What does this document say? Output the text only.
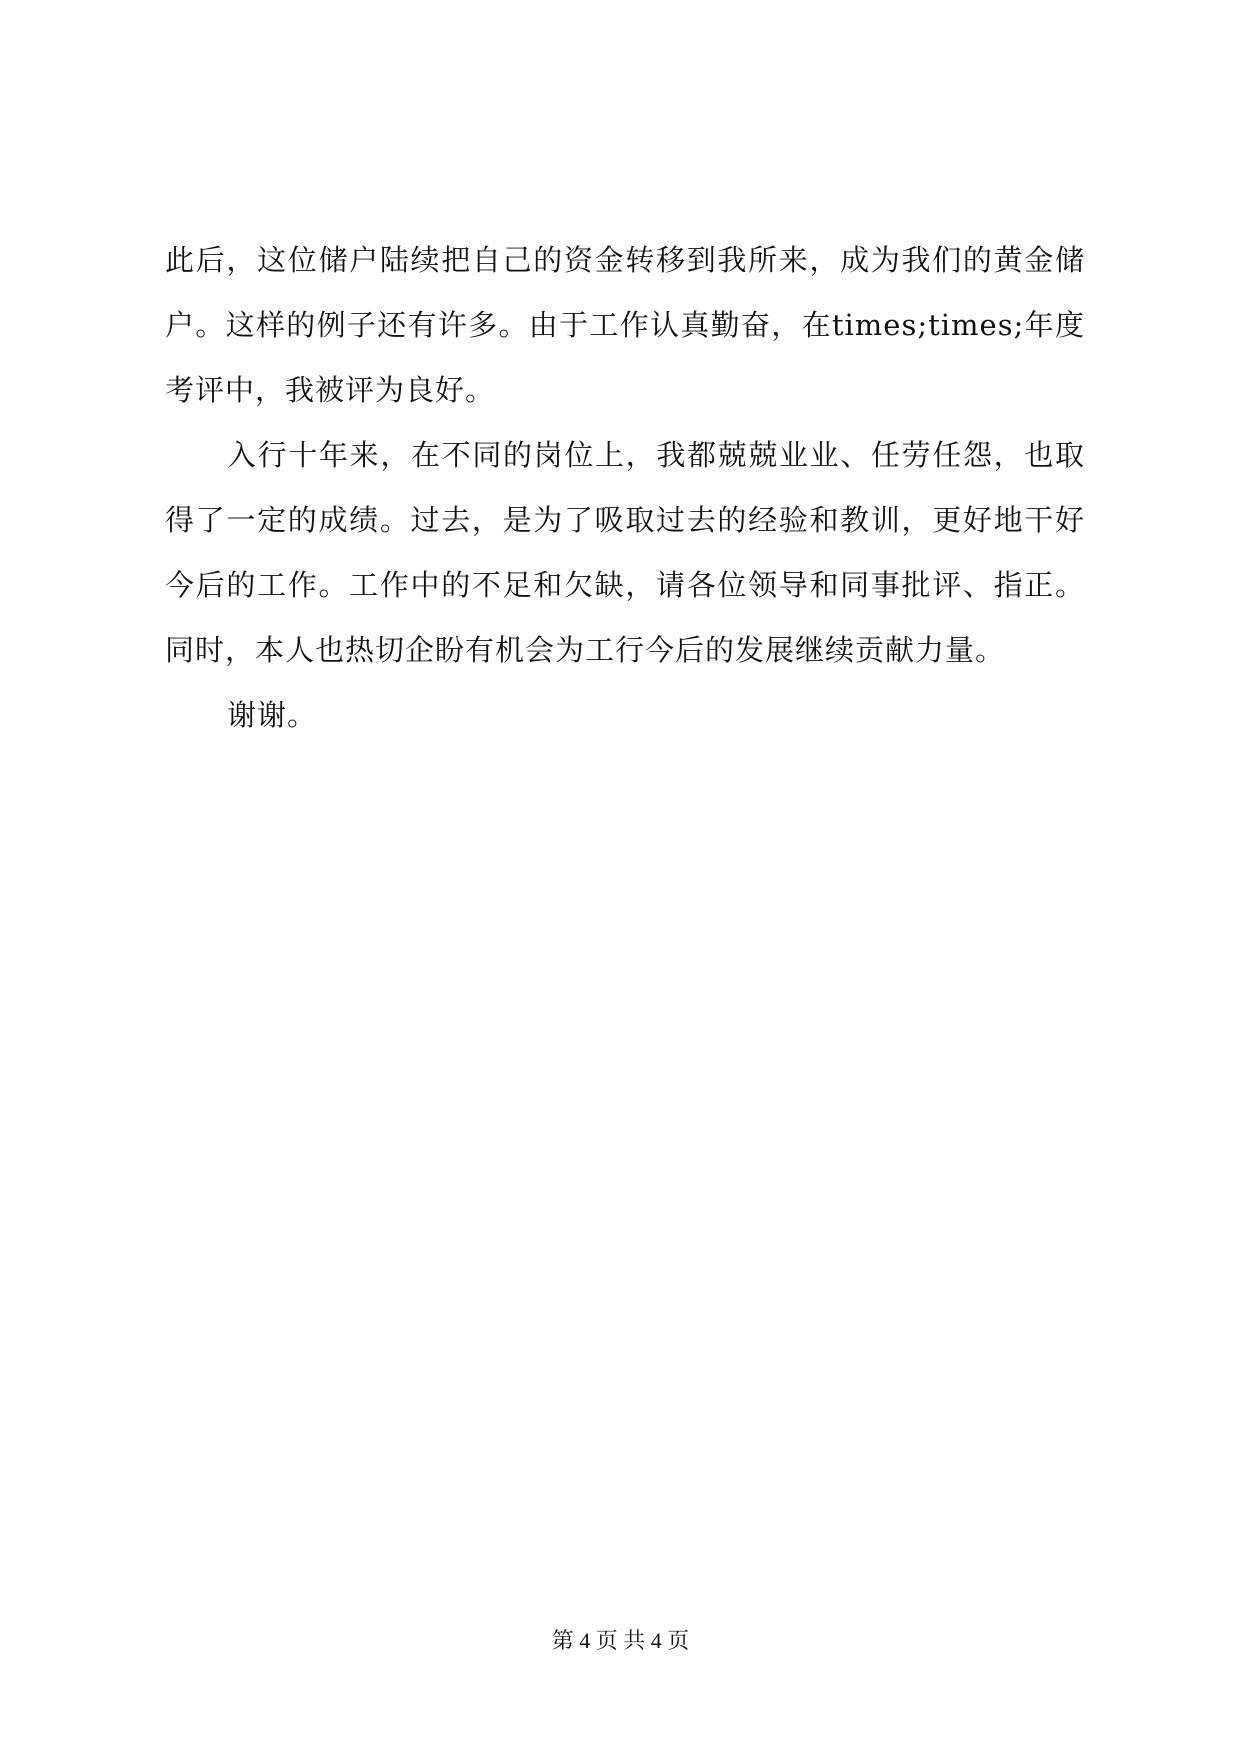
此后，这位储户陆续把自己的资金转移到我所来，成为我们的黄金储户。这样的例子还有许多。由于工作认真勤奋，在times;times;年度考评中，我被评为良好。

入行十年来，在不同的岗位上，我都兢兢业业、任劳任怨，也取得了一定的成绩。过去，是为了吸取过去的经验和教训，更好地干好今后的工作。工作中的不足和欠缺，请各位领导和同事批评、指正。同时，本人也热切企盼有机会为工行今后的发展继续贡献力量。

谢谢。

第 4 页 共 4 页
